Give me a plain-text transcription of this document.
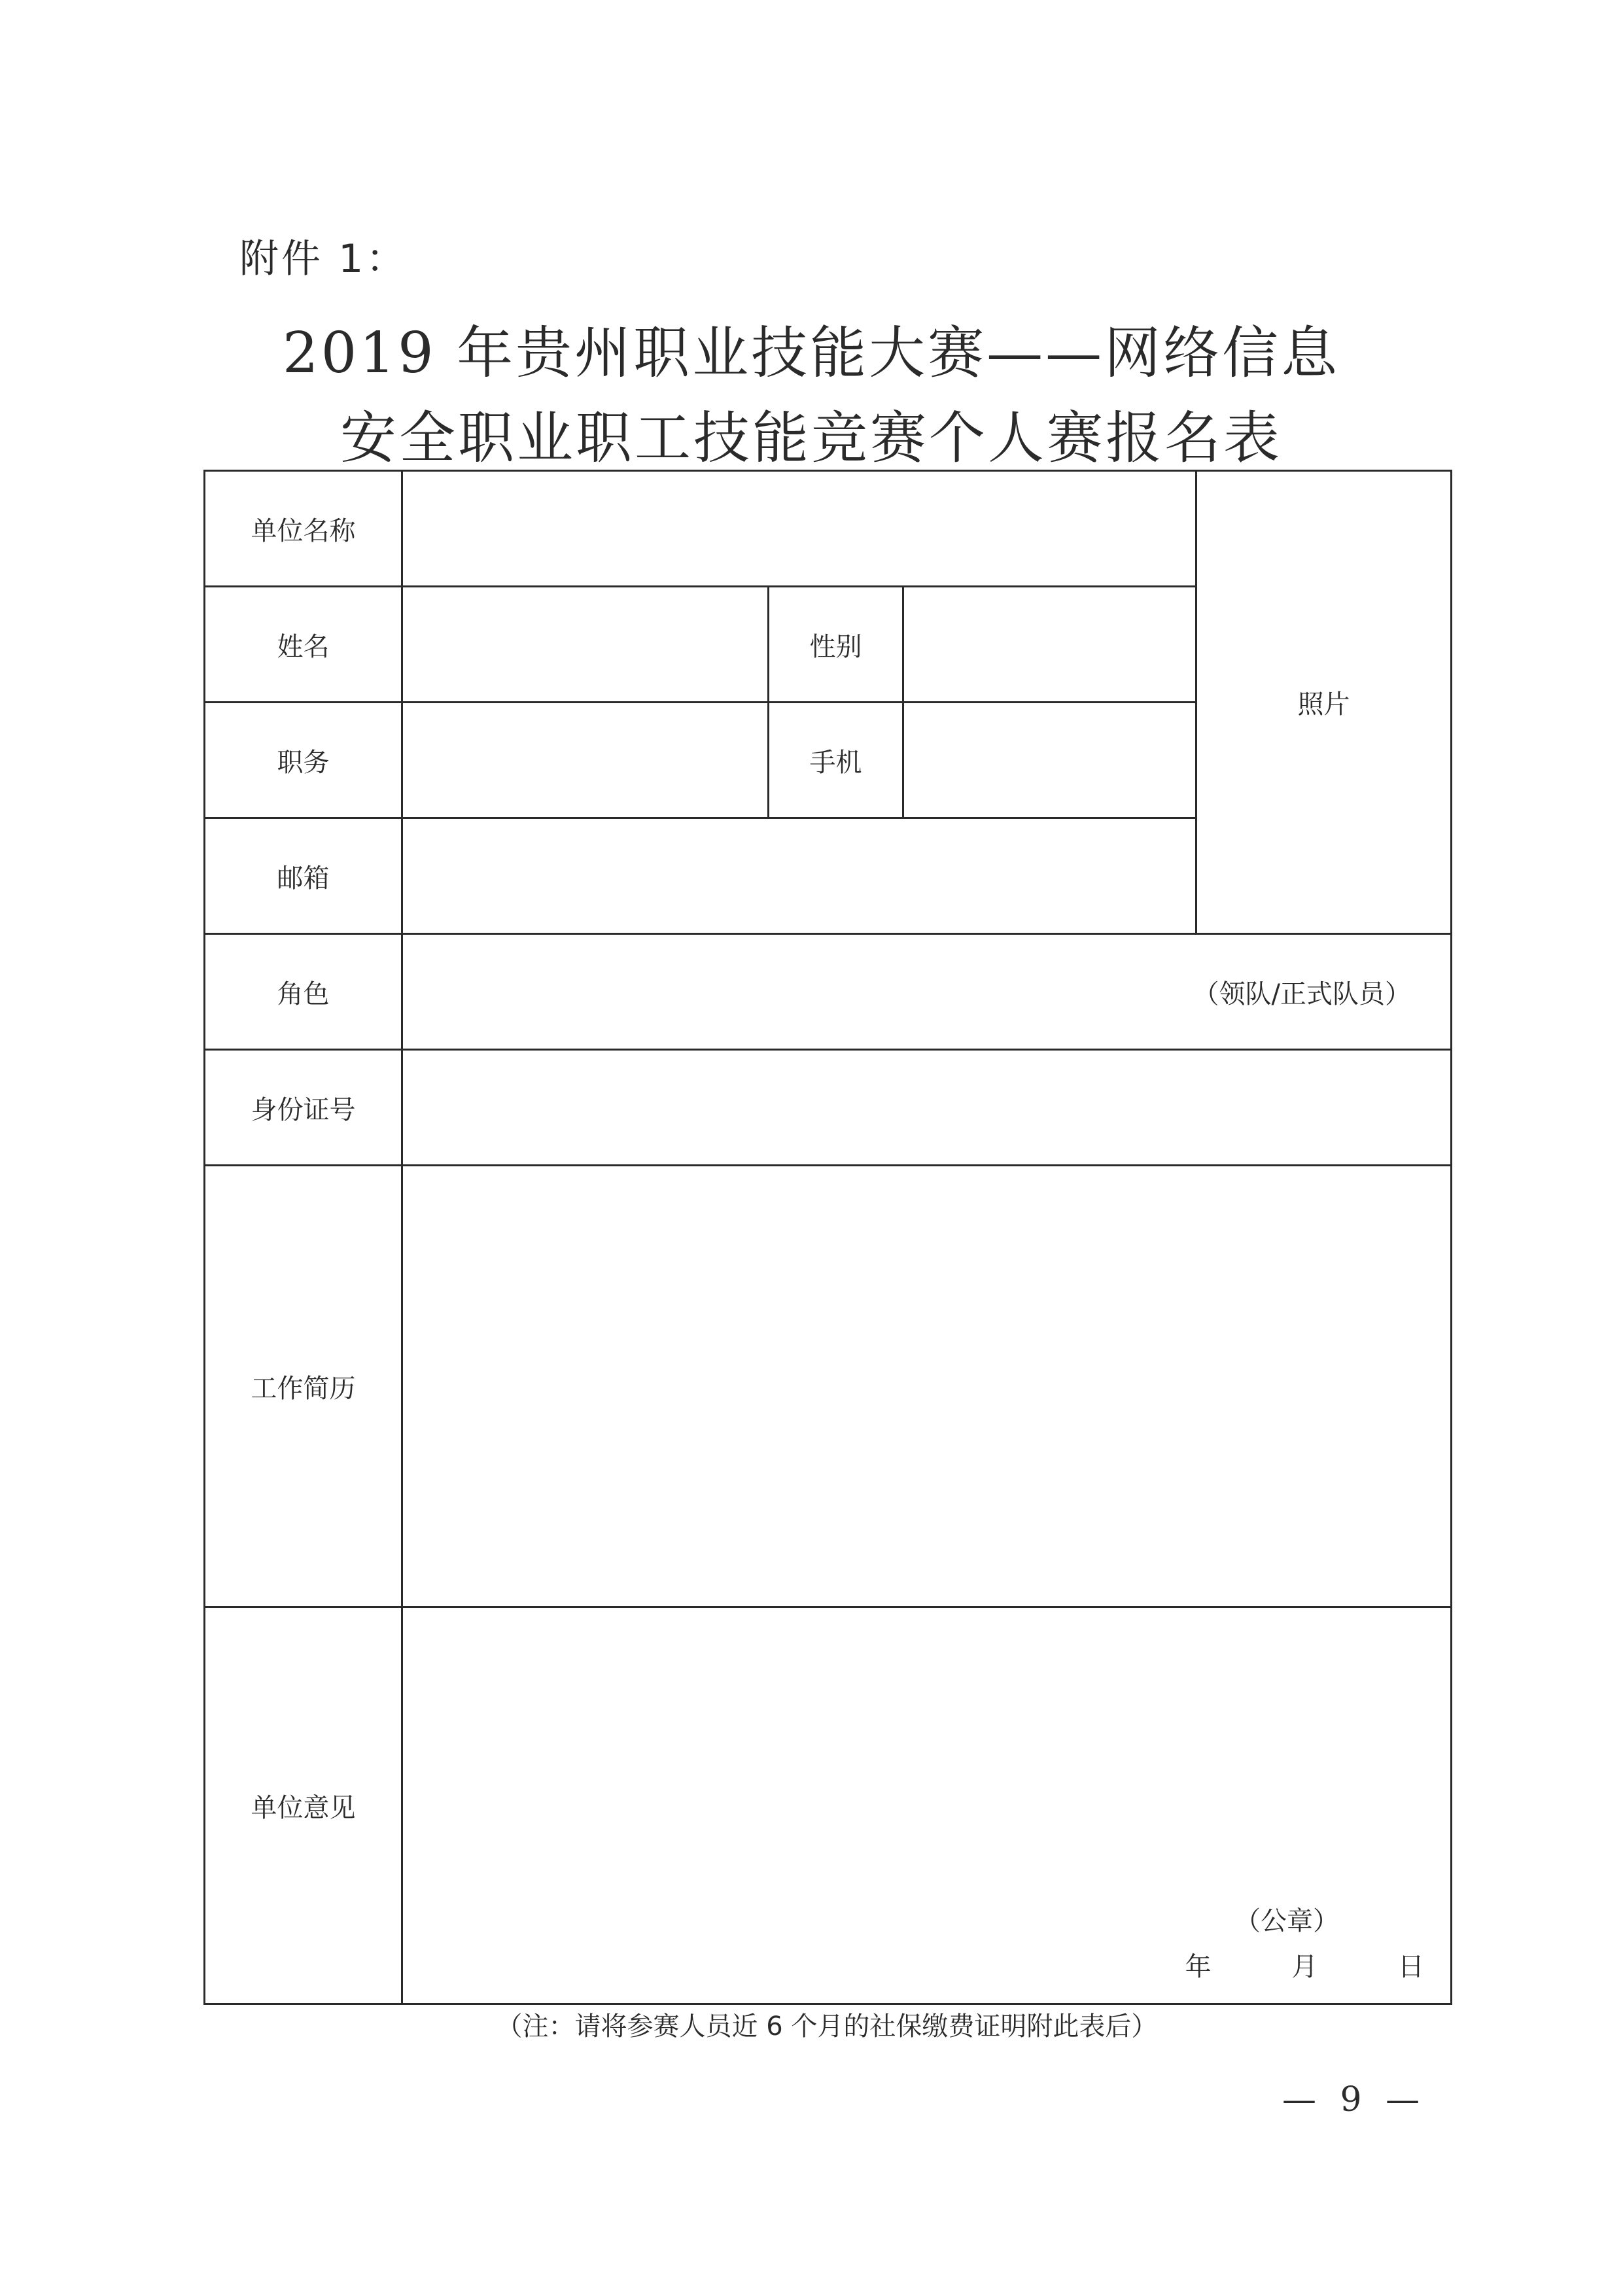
附件 1：
2019 年贵州职业技能大赛——网络信息
安全职业职工技能竞赛个人赛报名表
单位名称				照片
姓名		性别		
职务		手机		
邮箱				
角色	（领队/正式队员）			
身份证号				
工作简历				
单位意见	（公章）
年 月 日			
（注：请将参赛人员近 6 个月的社保缴费证明附此表后）
— 9 —
